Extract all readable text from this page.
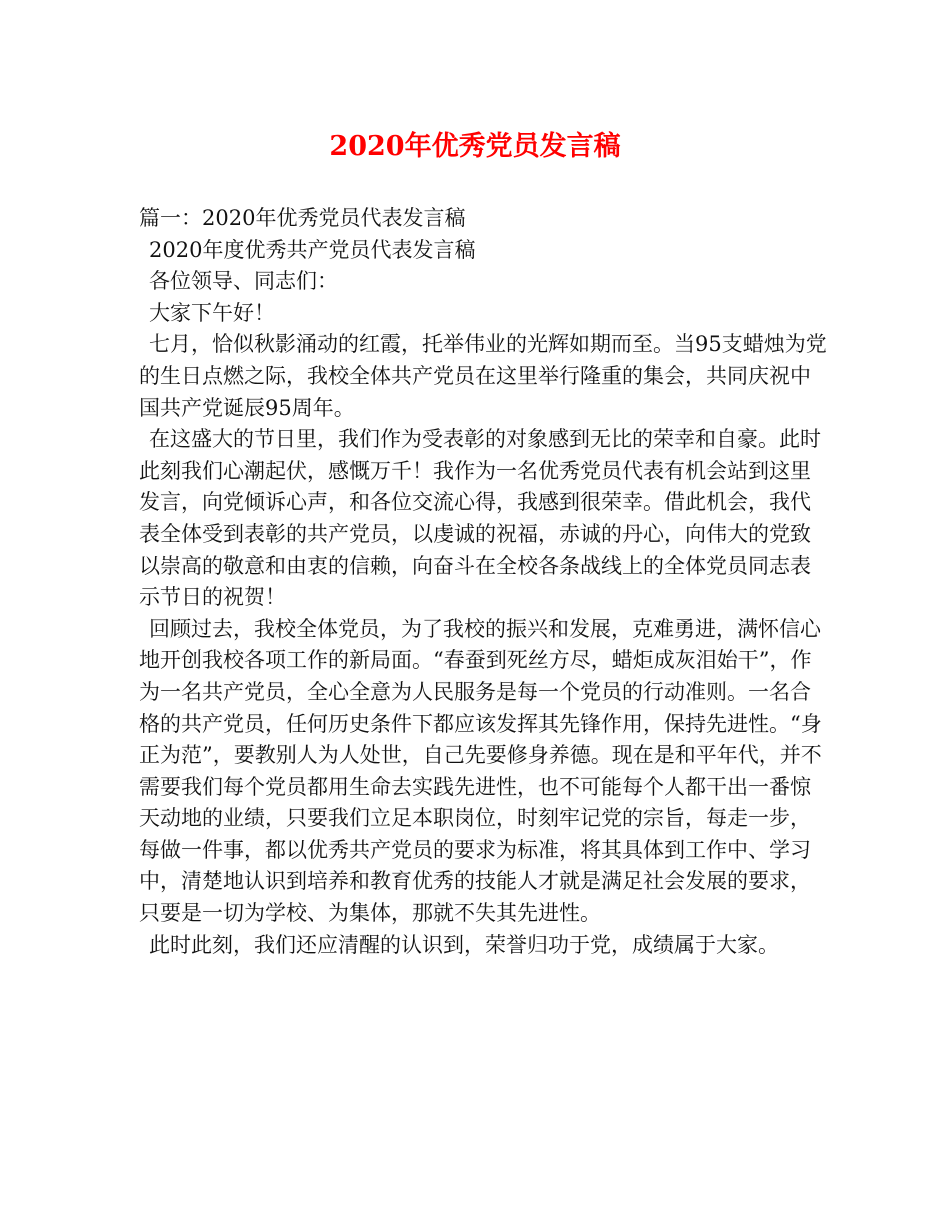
2020年优秀党员发言稿

篇一：2020年优秀党员代表发言稿

2020年度优秀共产党员代表发言稿

各位领导、同志们：

大家下午好！

七月，恰似秋影涌动的红霞，托举伟业的光辉如期而至。当95支蜡烛为党的生日点燃之际，我校全体共产党员在这里举行隆重的集会，共同庆祝中国共产党诞辰95周年。

在这盛大的节日里，我们作为受表彰的对象感到无比的荣幸和自豪。此时此刻我们心潮起伏，感慨万千！我作为一名优秀党员代表有机会站到这里发言，向党倾诉心声，和各位交流心得，我感到很荣幸。借此机会，我代表全体受到表彰的共产党员，以虔诚的祝福，赤诚的丹心，向伟大的党致以崇高的敬意和由衷的信赖，向奋斗在全校各条战线上的全体党员同志表示节日的祝贺！

回顾过去，我校全体党员，为了我校的振兴和发展，克难勇进，满怀信心地开创我校各项工作的新局面。“春蚕到死丝方尽，蜡炬成灰泪始干”，作为一名共产党员，全心全意为人民服务是每一个党员的行动准则。一名合格的共产党员，任何历史条件下都应该发挥其先锋作用，保持先进性。“身正为范”，要教别人为人处世，自己先要修身养德。现在是和平年代，并不需要我们每个党员都用生命去实践先进性，也不可能每个人都干出一番惊天动地的业绩，只要我们立足本职岗位，时刻牢记党的宗旨，每走一步，每做一件事，都以优秀共产党员的要求为标准，将其具体到工作中、学习中，清楚地认识到培养和教育优秀的技能人才就是满足社会发展的要求，只要是一切为学校、为集体，那就不失其先进性。

此时此刻，我们还应清醒的认识到，荣誉归功于党，成绩属于大家。
